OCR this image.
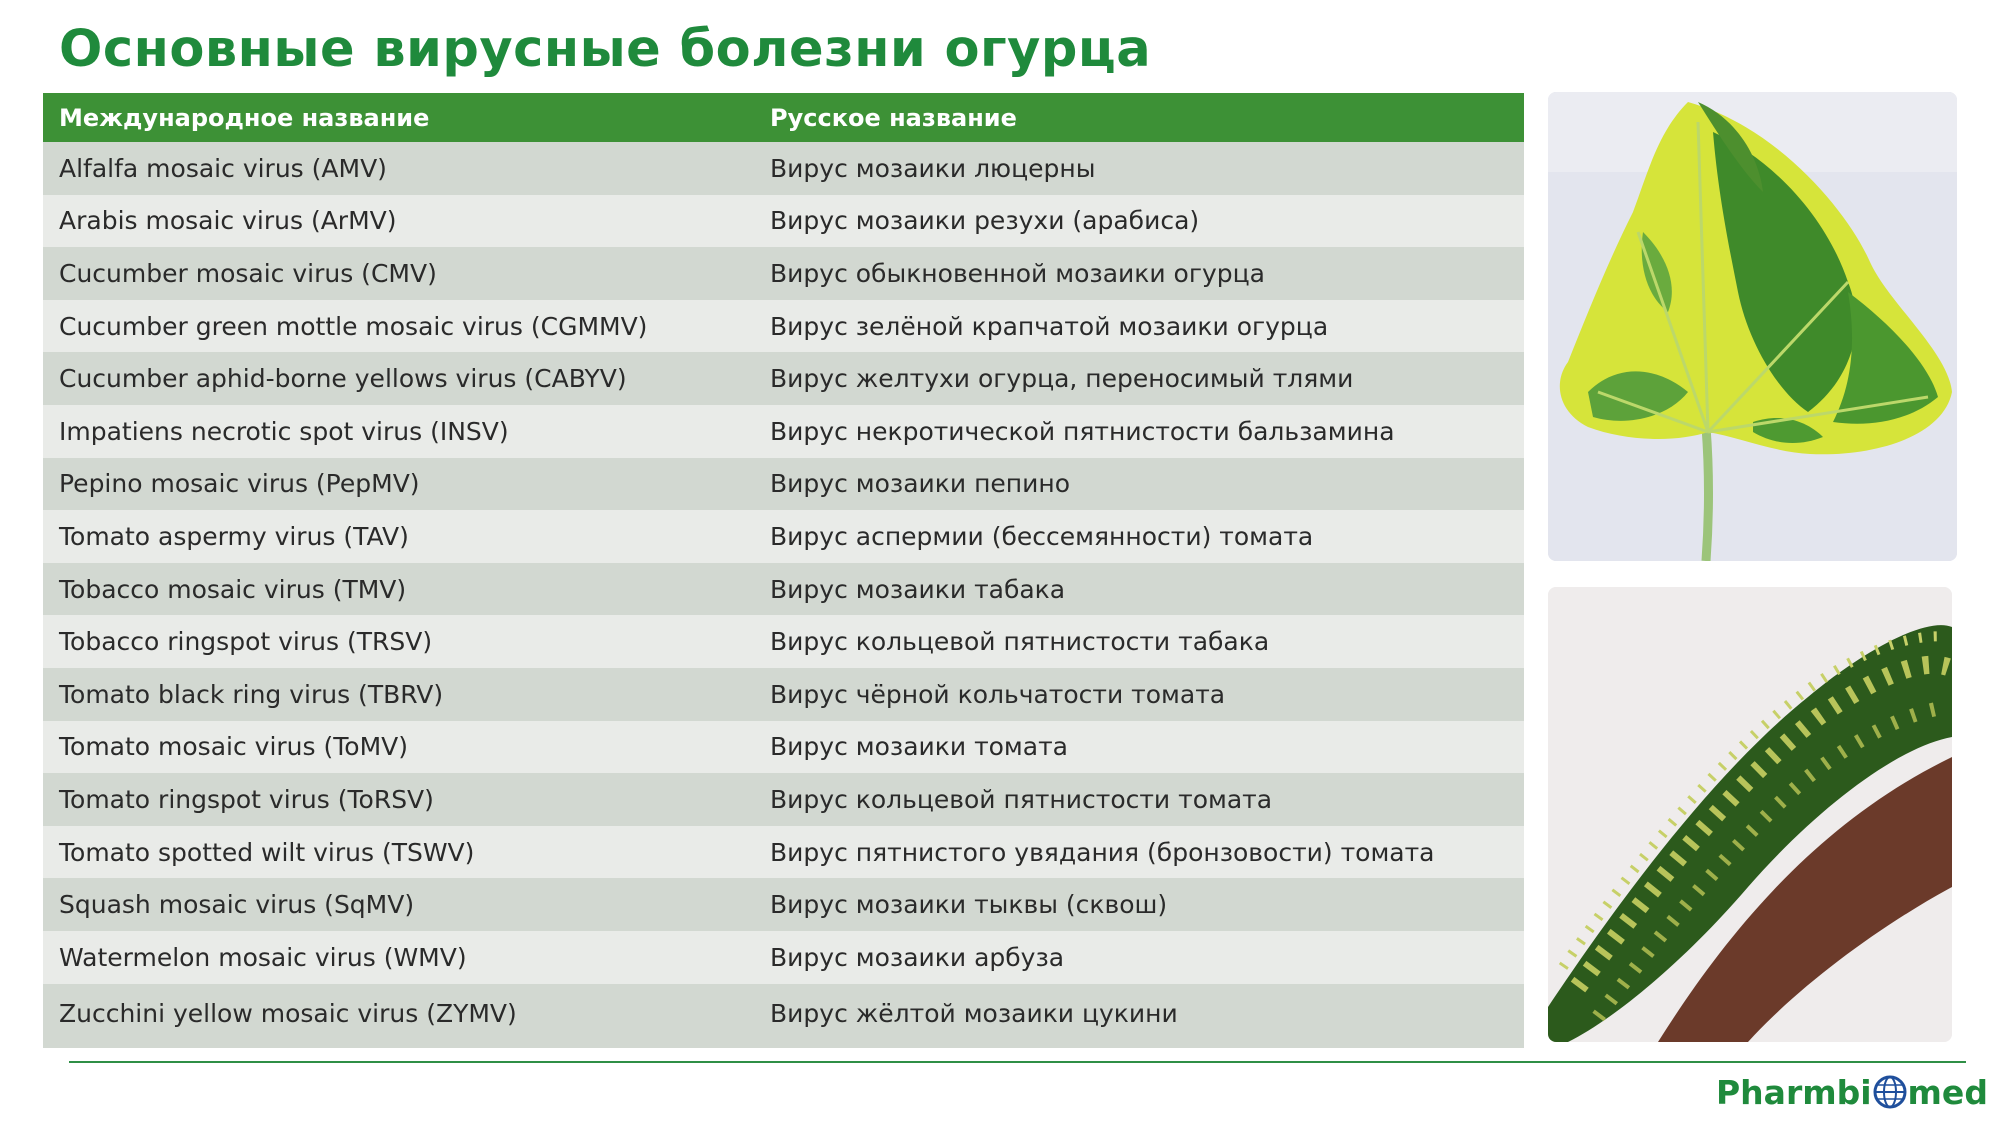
Основные вирусные болезни огурца
Международное название	Русское название
Alfalfa mosaic virus (AMV)	Вирус мозаики люцерны
Arabis mosaic virus (ArMV)	Вирус мозаики резухи (арабиса)
Cucumber mosaic virus (CMV)	Вирус обыкновенной мозаики огурца
Cucumber green mottle mosaic virus (CGMMV)	Вирус зелёной крапчатой мозаики огурца
Cucumber aphid-borne yellows virus (CABYV)	Вирус желтухи огурца, переносимый тлями
Impatiens necrotic spot virus (INSV)	Вирус некротической пятнистости бальзамина
Pepino mosaic virus (PepMV)	Вирус мозаики пепино
Tomato aspermy virus (TAV)	Вирус аспермии (бессемянности) томата
Tobacco mosaic virus (TMV)	Вирус мозаики табака
Tobacco ringspot virus (TRSV)	Вирус кольцевой пятнистости табака
Tomato black ring virus (TBRV)	Вирус чёрной кольчатости томата
Tomato mosaic virus (ToMV)	Вирус мозаики томата
Tomato ringspot virus (ToRSV)	Вирус кольцевой пятнистости томата
Tomato spotted wilt virus (TSWV)	Вирус пятнистого увядания (бронзовости) томата
Squash mosaic virus (SqMV)	Вирус мозаики тыквы (сквош)
Watermelon mosaic virus (WMV)	Вирус мозаики арбуза
Zucchini yellow mosaic virus (ZYMV)	Вирус жёлтой мозаики цукини
Pharmbi med
